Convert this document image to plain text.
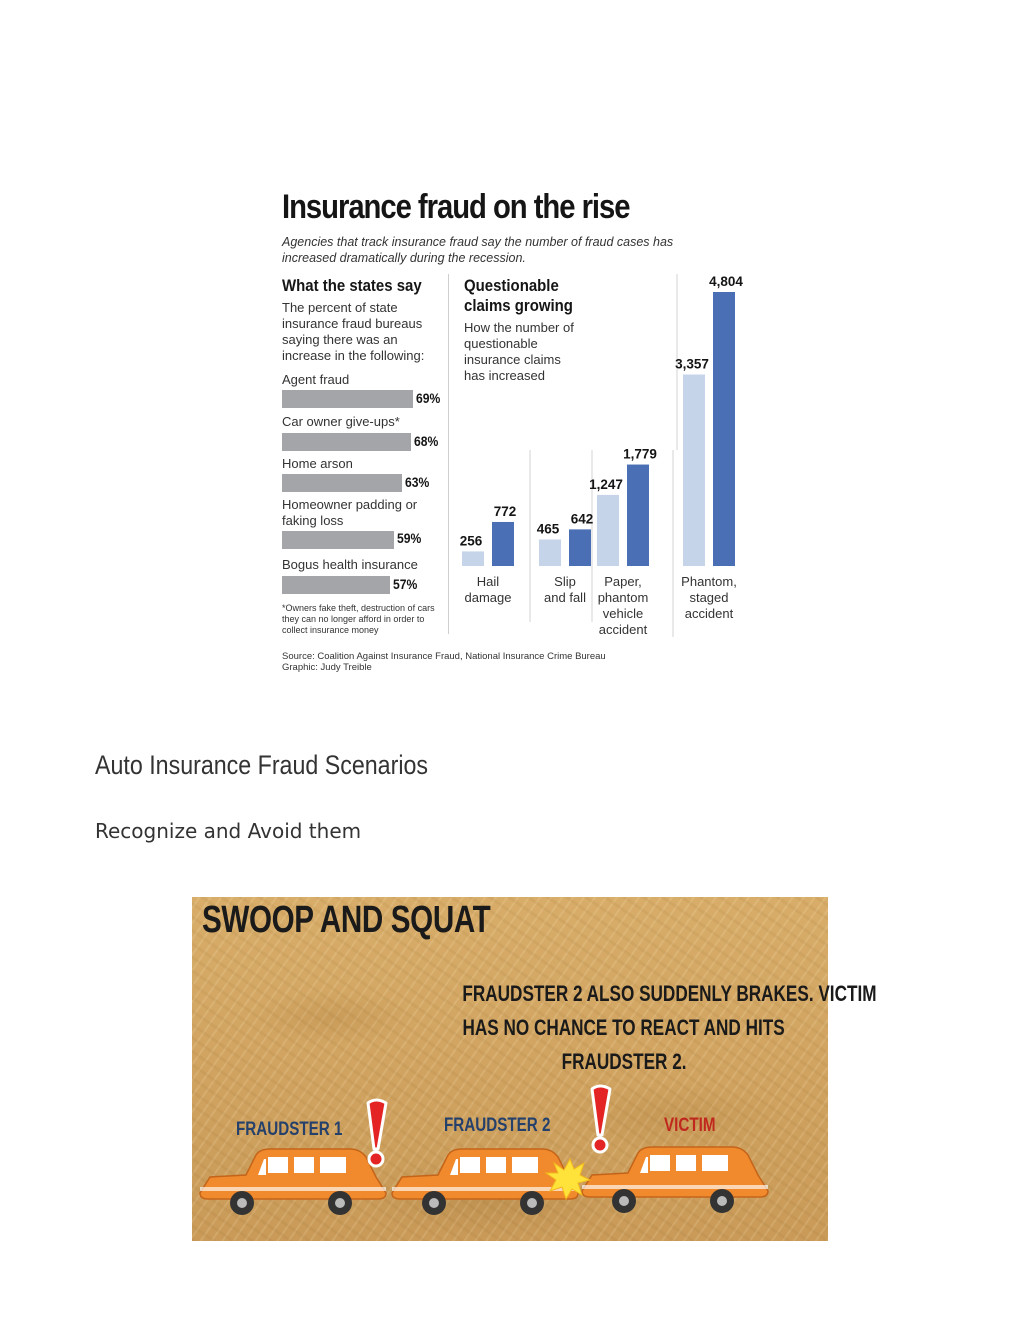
Insurance fraud on the rise
Agencies that track insurance fraud say the number of fraud cases has increased dramatically during the recession.
What the states say
The percent of state insurance fraud bureaus saying there was an increase in the following:
Agent fraud
69%
Car owner give-ups*
68%
Home arson
63%
Homeowner padding or faking loss
59%
Bogus health insurance
57%
*Owners fake theft, destruction of cars they can no longer afford in order to collect insurance money
Questionable
claims growing
How the number of questionable insurance claims has increased
256
465
1,247
3,357
772	642
1,779
4,804
Hail
damage
Slip
and fall
Paper,
phantom
vehicle
accident
Phantom,
staged
accident
Source: Coalition Against Insurance Fraud, National Insurance Crime Bureau
Graphic: Judy Treible
Auto Insurance Fraud Scenarios
Recognize and Avoid them
SWOOP AND SQUAT
FRAUDSTER 2 ALSO SUDDENLY BRAKES. VICTIM
HAS NO CHANCE TO REACT AND HITS
FRAUDSTER 2.
FRAUDSTER 1	FRAUDSTER 2	VICTIM
